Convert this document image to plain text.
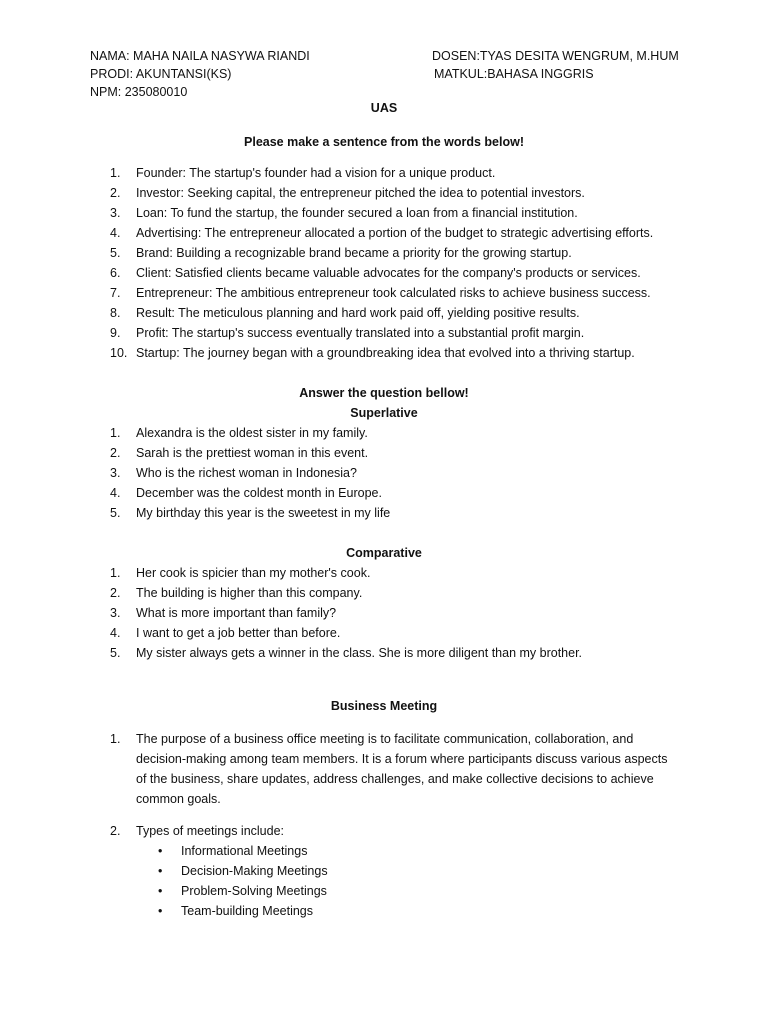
NAMA: MAHA NAILA NASYWA RIANDI
PRODI: AKUNTANSI(KS)
NPM: 235080010
DOSEN:TYAS DESITA WENGRUM, M.HUM
MATKUL:BAHASA INGGRIS
UAS
Please make a sentence from the words below!
1.	Founder: The startup's founder had a vision for a unique product.
2.	Investor: Seeking capital, the entrepreneur pitched the idea to potential investors.
3.	Loan: To fund the startup, the founder secured a loan from a financial institution.
4.	Advertising: The entrepreneur allocated a portion of the budget to strategic advertising efforts.
5.	Brand: Building a recognizable brand became a priority for the growing startup.
6.	Client: Satisfied clients became valuable advocates for the company's products or services.
7.	Entrepreneur: The ambitious entrepreneur took calculated risks to achieve business success.
8.	Result: The meticulous planning and hard work paid off, yielding positive results.
9.	Profit: The startup's success eventually translated into a substantial profit margin.
10. Startup: The journey began with a groundbreaking idea that evolved into a thriving startup.
Answer the question bellow!
Superlative
1.	Alexandra is the oldest sister in my family.
2.	Sarah is the prettiest woman in this event.
3.	Who is the richest woman in Indonesia?
4.	December was the coldest month in Europe.
5.	My birthday this year is the sweetest in my life
Comparative
1.	Her cook is spicier than my mother's cook.
2.	The building is higher than this company.
3.	What is more important than family?
4.	I want to get a job better than before.
5.	My sister always gets a winner in the class. She is more diligent than my brother.
Business Meeting
1.	The purpose of a business office meeting is to facilitate communication, collaboration, and decision-making among team members. It is a forum where participants discuss various aspects of the business, share updates, address challenges, and make collective decisions to achieve common goals.
2.	Types of meetings include:
• Informational Meetings
• Decision-Making Meetings
• Problem-Solving Meetings
• Team-building Meetings
